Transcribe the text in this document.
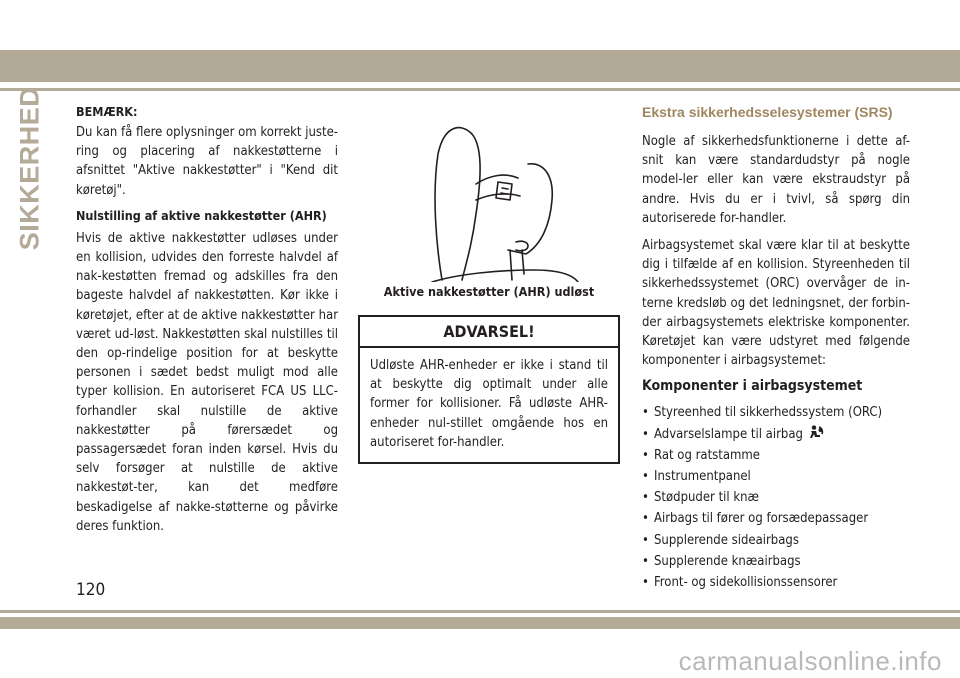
SIKKERHED	BEMÆRK:

Du kan få flere oplysninger om korrekt juste-ring og placering af nakkestøtterne i afsnittet "Aktive nakkestøtter" i "Kend dit køretøj".

Nulstilling af aktive nakkestøtter (AHR)

Hvis de aktive nakkestøtter udløses under en kollision, udvides den forreste halvdel af nak-kestøtten fremad og adskilles fra den bageste halvdel af nakkestøtten. Kør ikke i køretøjet, efter at de aktive nakkestøtter har været ud-løst. Nakkestøtten skal nulstilles til den op-rindelige position for at beskytte personen i sædet bedst muligt mod alle typer kollision. En autoriseret FCA US LLC-forhandler skal nulstille de aktive nakkestøtter på førersædet og passagersædet foran inden kørsel. Hvis du selv forsøger at nulstille de aktive nakkestøt-ter, kan det medføre beskadigelse af nakke-støtterne og påvirke deres funktion.

Aktive nakkestøtter (AHR) udløst
ADVARSEL!
Udløste AHR-enheder er ikke i stand til at beskytte dig optimalt under alle former for kollisioner. Få udløste AHR-enheder nul-stillet omgående hos en autoriseret for-handler.
Ekstra sikkerhedsselesystemer (SRS)

Nogle af sikkerhedsfunktionerne i dette af-snit kan være standardudstyr på nogle model-ler eller kan være ekstraudstyr på andre. Hvis du er i tvivl, så spørg din autoriserede for-handler.

Airbagsystemet skal være klar til at beskytte dig i tilfælde af en kollision. Styreenheden til sikkerhedssystemet (ORC) overvåger de in-terne kredsløb og det ledningsnet, der forbin-der airbagsystemets elektriske komponenter. Køretøjet kan være udstyret med følgende komponenter i airbagsystemet:

Komponenter i airbagsystemet
• Styreenhed til sikkerhedssystem (ORC)
• Advarselslampe til airbag
• Rat og ratstamme
• Instrumentpanel
• Stødpuder til knæ
• Airbags til fører og forsædepassager
• Supplerende sideairbags
• Supplerende knæairbags
• Front- og sidekollisionssensorer
120
carmanualsonline.info
